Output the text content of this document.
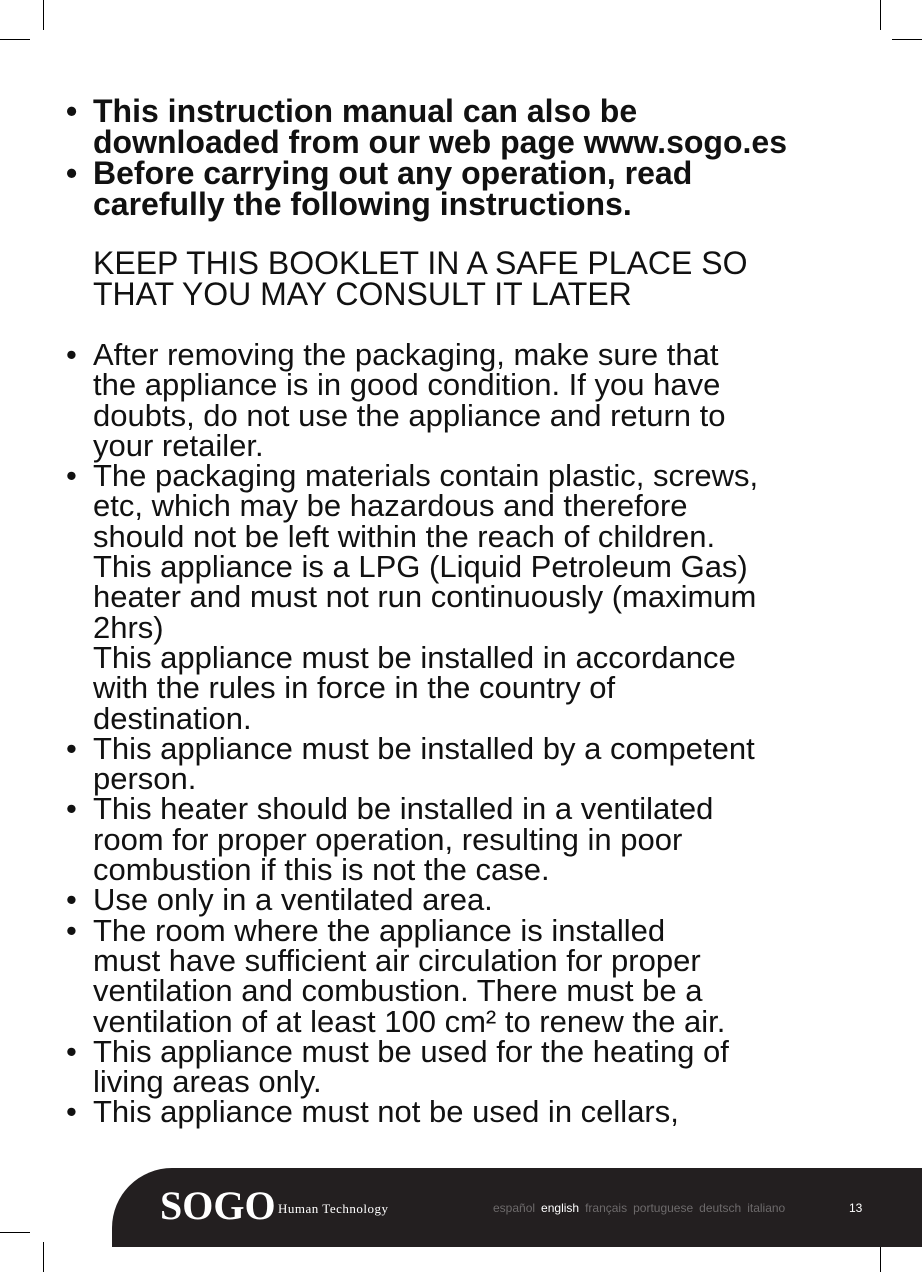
• This instruction manual can also be
downloaded from our web page www.sogo.es
• Before carrying out any operation, read
carefully the following instructions.
KEEP THIS BOOKLET IN A SAFE PLACE SO
THAT YOU MAY CONSULT IT LATER
• After removing the packaging, make sure that
the appliance is in good condition. If you have
doubts, do not use the appliance and return to
your retailer.
• The packaging materials contain plastic, screws,
etc, which may be hazardous and therefore
should not be left within the reach of children.
This appliance is a LPG (Liquid Petroleum Gas)
heater and must not run continuously (maximum
2hrs)
This appliance must be installed in accordance
with the rules in force in the country of
destination.
• This appliance must be installed by a competent
person.
• This heater should be installed in a ventilated
room for proper operation, resulting in poor
combustion if this is not the case.
• Use only in a ventilated area.
• The room where the appliance is installed
must have sufficient air circulation for proper
ventilation and combustion. There must be a
ventilation of at least 100 cm² to renew the air.
• This appliance must be used for the heating of
living areas only.
• This appliance must not be used in cellars,
SOGO Human Technology	español english français portuguese deutsch italiano	13
